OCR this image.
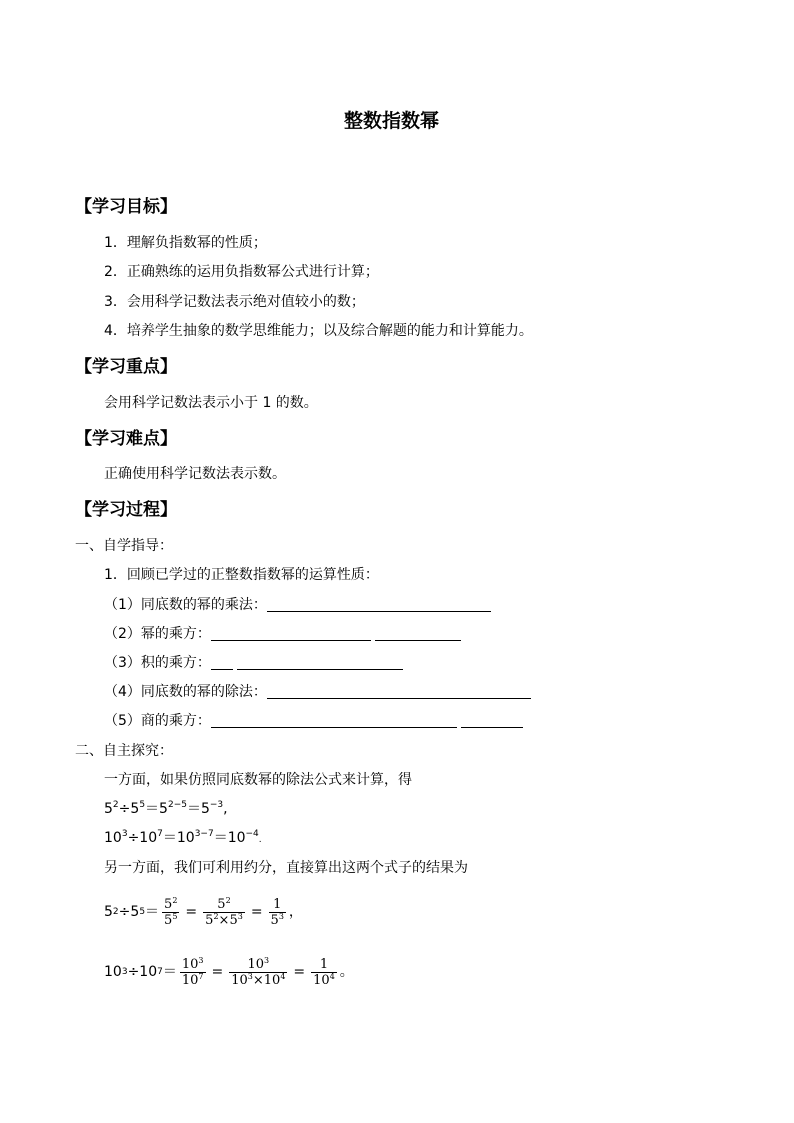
整数指数幂
【学习目标】
1．理解负指数幂的性质；
2．正确熟练的运用负指数幂公式进行计算；
3．会用科学记数法表示绝对值较小的数；
4．培养学生抽象的数学思维能力；以及综合解题的能力和计算能力。
【学习重点】
会用科学记数法表示小于 1 的数。
【学习难点】
正确使用科学记数法表示数。
【学习过程】
一、自学指导：
1．回顾已学过的正整数指数幂的运算性质：
（1）同底数的幂的乘法：
（2）幂的乘方：
（3）积的乘方：
（4）同底数的幂的除法：
（5）商的乘方：
二、自主探究：
一方面，如果仿照同底数幂的除法公式来计算，得
$5^2\div 5^5=5^{2-5}=5^{-3}$,
$10^3\div 10^7=10^{3-7}=10^{-4}$.
另一方面，我们可利用约分，直接算出这两个式子的结果为
5 2 ÷ 5 $5 = \frac{5^2}{5^5} = \frac{5^2}{5^2\times 5^3} = \frac{1}{5^3}$ ，
10 3 ÷ 10 $7 = \frac{10^3}{10^7} = \frac{10^3}{10^3\times 10^4} = \frac{1}{10^4}$ 。
